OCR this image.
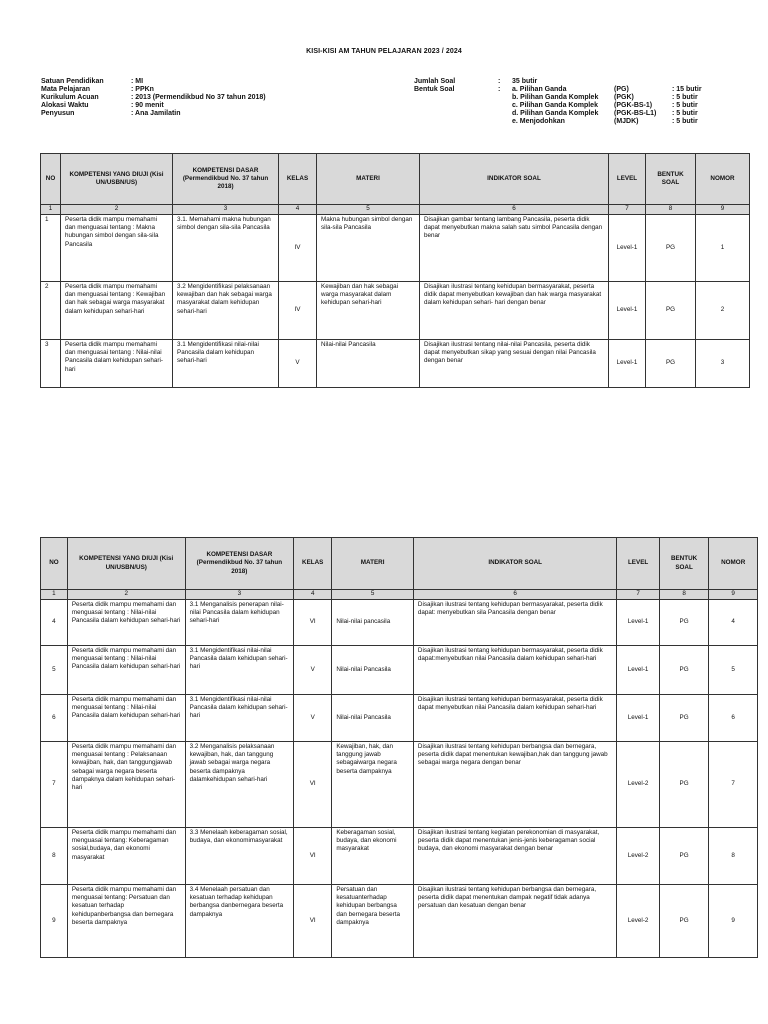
KISI-KISI AM TAHUN PELAJARAN 2023 / 2024
Satuan Pendidikan	: MI
Mata Pelajaran	: PPKn
Kurikulum Acuan	: 2013 (Permendikbud No 37 tahun 2018)
Alokasi Waktu	: 90 menit
Penyusun	: Ana Jamilatin
Jumlah Soal	:	35 butir
Bentuk Soal	:	a. Pilihan Ganda	(PG)	: 15 butir
b. Pilihan Ganda Komplek	(PGK)	: 5 butir
c. Pilihan Ganda Komplek	(PGK-BS-1)	: 5 butir
d. Pilihan Ganda Komplek	(PGK-BS-L1)	: 5 butir
e. Menjodohkan	(MJDK)	: 5 butir
NO	KOMPETENSI YANG DIUJI (Kisi UN/USBN/US)	KOMPETENSI DASAR (Permendikbud No. 37 tahun 2018)	KELAS	MATERI	INDIKATOR SOAL	LEVEL	BENTUK SOAL	NOMOR
1	2	3	4	5	6	7	8	9
1	Peserta didik mampu memahami dan menguasai tentang : Makna hubungan simbol dengan sila-sila Pancasila	3.1. Memahami makna hubungan simbol dengan sila-sila Pancasila	IV	Makna hubungan simbol dengan sila-sila Pancasila	Disajikan gambar tentang lambang Pancasila, peserta didik dapat menyebutkan makna salah satu simbol Pancasila dengan benar	Level-1	PG	1
2	Peserta didik mampu memahami dan menguasai tentang : Kewajiban dan hak sebagai warga masyarakat dalam kehidupan sehari-hari	3.2 Mengidentifikasi pelaksanaan kewajiban dan hak sebagai warga masyarakat dalam kehidupan sehari-hari	IV	Kewajiban dan hak sebagai warga masyarakat dalam kehidupan sehari-hari	Disajikan ilustrasi tentang kehidupan bermasyarakat, peserta didik dapat menyebutkan kewajiban dan hak warga masyarakat dalam kehidupan sehari- hari dengan benar	Level-1	PG	2
3	Peserta didik mampu memahami dan menguasai tentang : Nilai-nilai Pancasila dalam kehidupan sehari-hari	3.1 Mengidentifikasi nilai-nilai Pancasila dalam kehidupan sehari-hari	V	Nilai-nilai Pancasila	Disajikan ilustrasi tentang nilai-nilai Pancasila, peserta didik dapat menyebutkan sikap yang sesuai dengan nilai Pancasila dengan benar	Level-1	PG	3
NO	KOMPETENSI YANG DIUJI (Kisi UN/USBN/US)	KOMPETENSI DASAR (Permendikbud No. 37 tahun 2018)	KELAS	MATERI	INDIKATOR SOAL	LEVEL	BENTUK SOAL	NOMOR
1	2	3	4	5	6	7	8	9
4	Peserta didik mampu memahami dan menguasai tentang : Nilai-nilai Pancasila dalam kehidupan sehari-hari	3.1 Menganalisis penerapan nilai-nilai Pancasila dalam kehidupan sehari-hari	VI	Nilai-nilai pancasila	Disajikan ilustrasi tentang kehidupan bermasyarakat, peserta didik dapat: menyebutkan sila Pancasila dengan benar	Level-1	PG	4
5	Peserta didik mampu memahami dan menguasai tentang : Nilai-nilai Pancasila dalam kehidupan sehari-hari	3.1 Mengidentifikasi nilai-nilai Pancasila dalam kehidupan sehari-hari	V	Nilai-nilai Pancasila	Disajikan ilustrasi tentang kehidupan bermasyarakat, peserta didik dapat:menyebutkan nilai Pancasila dalam kehidupan sehari-hari	Level-1	PG	5
6	Peserta didik mampu memahami dan menguasai tentang : Nilai-nilai Pancasila dalam kehidupan sehari-hari	3.1 Mengidentifikasi nilai-nilai Pancasila dalam kehidupan sehari-hari	V	Nilai-nilai Pancasila	Disajikan ilustrasi tentang kehidupan bermasyarakat, peserta didik dapat menyebutkan nilai Pancasila dalam kehidupan sehari-hari	Level-1	PG	6
7	Peserta didik mampu memahami dan menguasai tentang : Pelaksanaan kewajiban, hak, dan tanggungjawab sebagai warga negara beserta dampaknya dalam kehidupan sehari-hari	3.2 Menganalisis pelaksanaan kewajiban, hak, dan tanggung jawab sebagai warga negara beserta dampaknya dalamkehidupan sehari-hari	VI	Kewajiban, hak, dan tanggung jawab sebagaiwarga negara beserta dampaknya	Disajikan ilustrasi tentang kehidupan berbangsa dan bernegara, peserta didik dapat menentukan kewajiban,hak dan tanggung jawab sebagai warga negara dengan benar	Level-2	PG	7
8	Peserta didik mampu memahami dan menguasai tentang: Keberagaman sosial,budaya, dan ekonomi masyarakat	3.3 Menelaah keberagaman sosial, budaya, dan ekonomimasyarakat	VI	Keberagaman sosial, budaya, dan ekonomi masyarakat	Disajikan ilustrasi tentang kegiatan perekonomian di masyarakat, peserta didik dapat menentukan jenis-jenis keberagaman social budaya, dan ekonomi masyarakat dengan benar	Level-2	PG	8
9	Peserta didik mampu memahami dan menguasai tentang: Persatuan dan kesatuan terhadap kehidupanberbangsa dan bernegara beserta dampaknya	3.4 Menelaah persatuan dan kesatuan terhadap kehidupan berbangsa danbernegara beserta dampaknya	VI	Persatuan dan kesatuanterhadap kehidupan berbangsa dan bernegara beserta dampaknya	Disajikan ilustrasi tentang kehidupan berbangsa dan bernegara, peserta didik dapat menentukan dampak negatif tidak adanya persatuan dan kesatuan dengan benar	Level-2	PG	9
